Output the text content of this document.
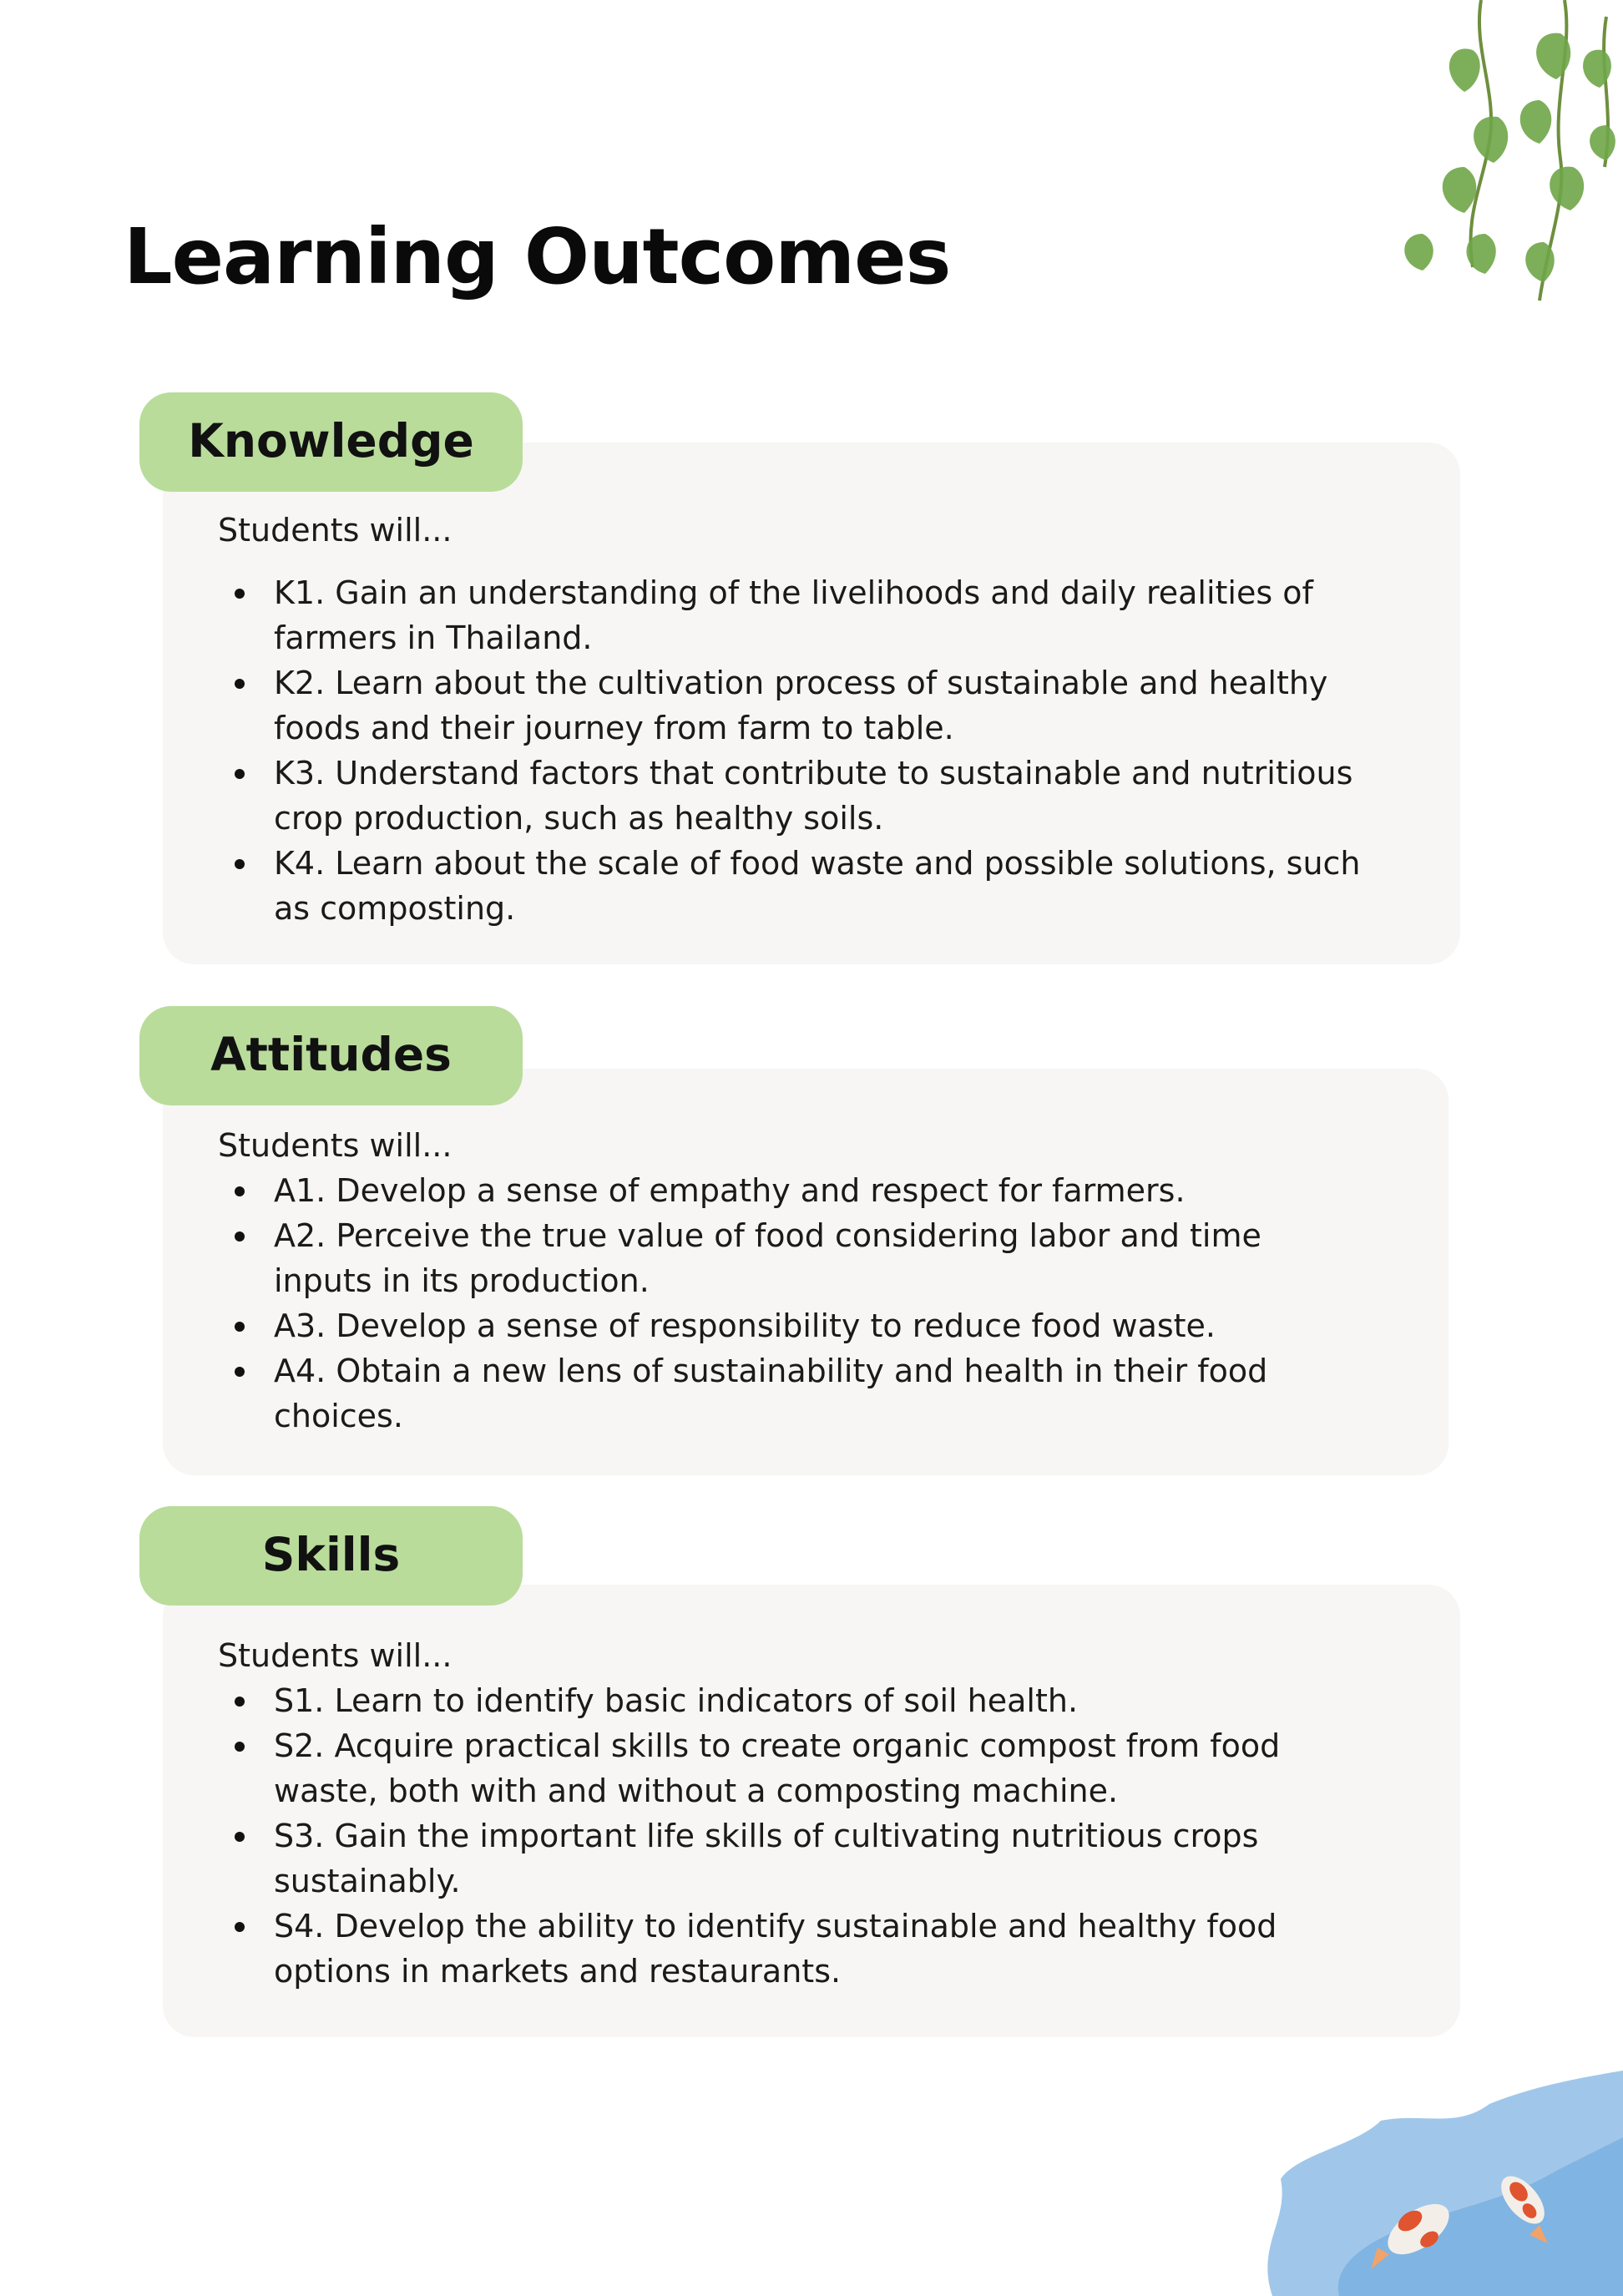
Learning Outcomes
Knowledge

Students will...

K1. Gain an understanding of the livelihoods and daily realities of farmers in Thailand.
K2. Learn about the cultivation process of sustainable and healthy foods and their journey from farm to table.
K3. Understand factors that contribute to sustainable and nutritious crop production, such as healthy soils.
K4. Learn about the scale of food waste and possible solutions, such as composting.
Attitudes

Students will...

A1. Develop a sense of empathy and respect for farmers.
A2. Perceive the true value of food considering labor and time inputs in its production.
A3. Develop a sense of responsibility to reduce food waste.
A4. Obtain a new lens of sustainability and health in their food choices.
Skills

Students will...

S1. Learn to identify basic indicators of soil health.
S2. Acquire practical skills to create organic compost from food waste, both with and without a composting machine.
S3. Gain the important life skills of cultivating nutritious crops sustainably.
S4. Develop the ability to identify sustainable and healthy food options in markets and restaurants.
